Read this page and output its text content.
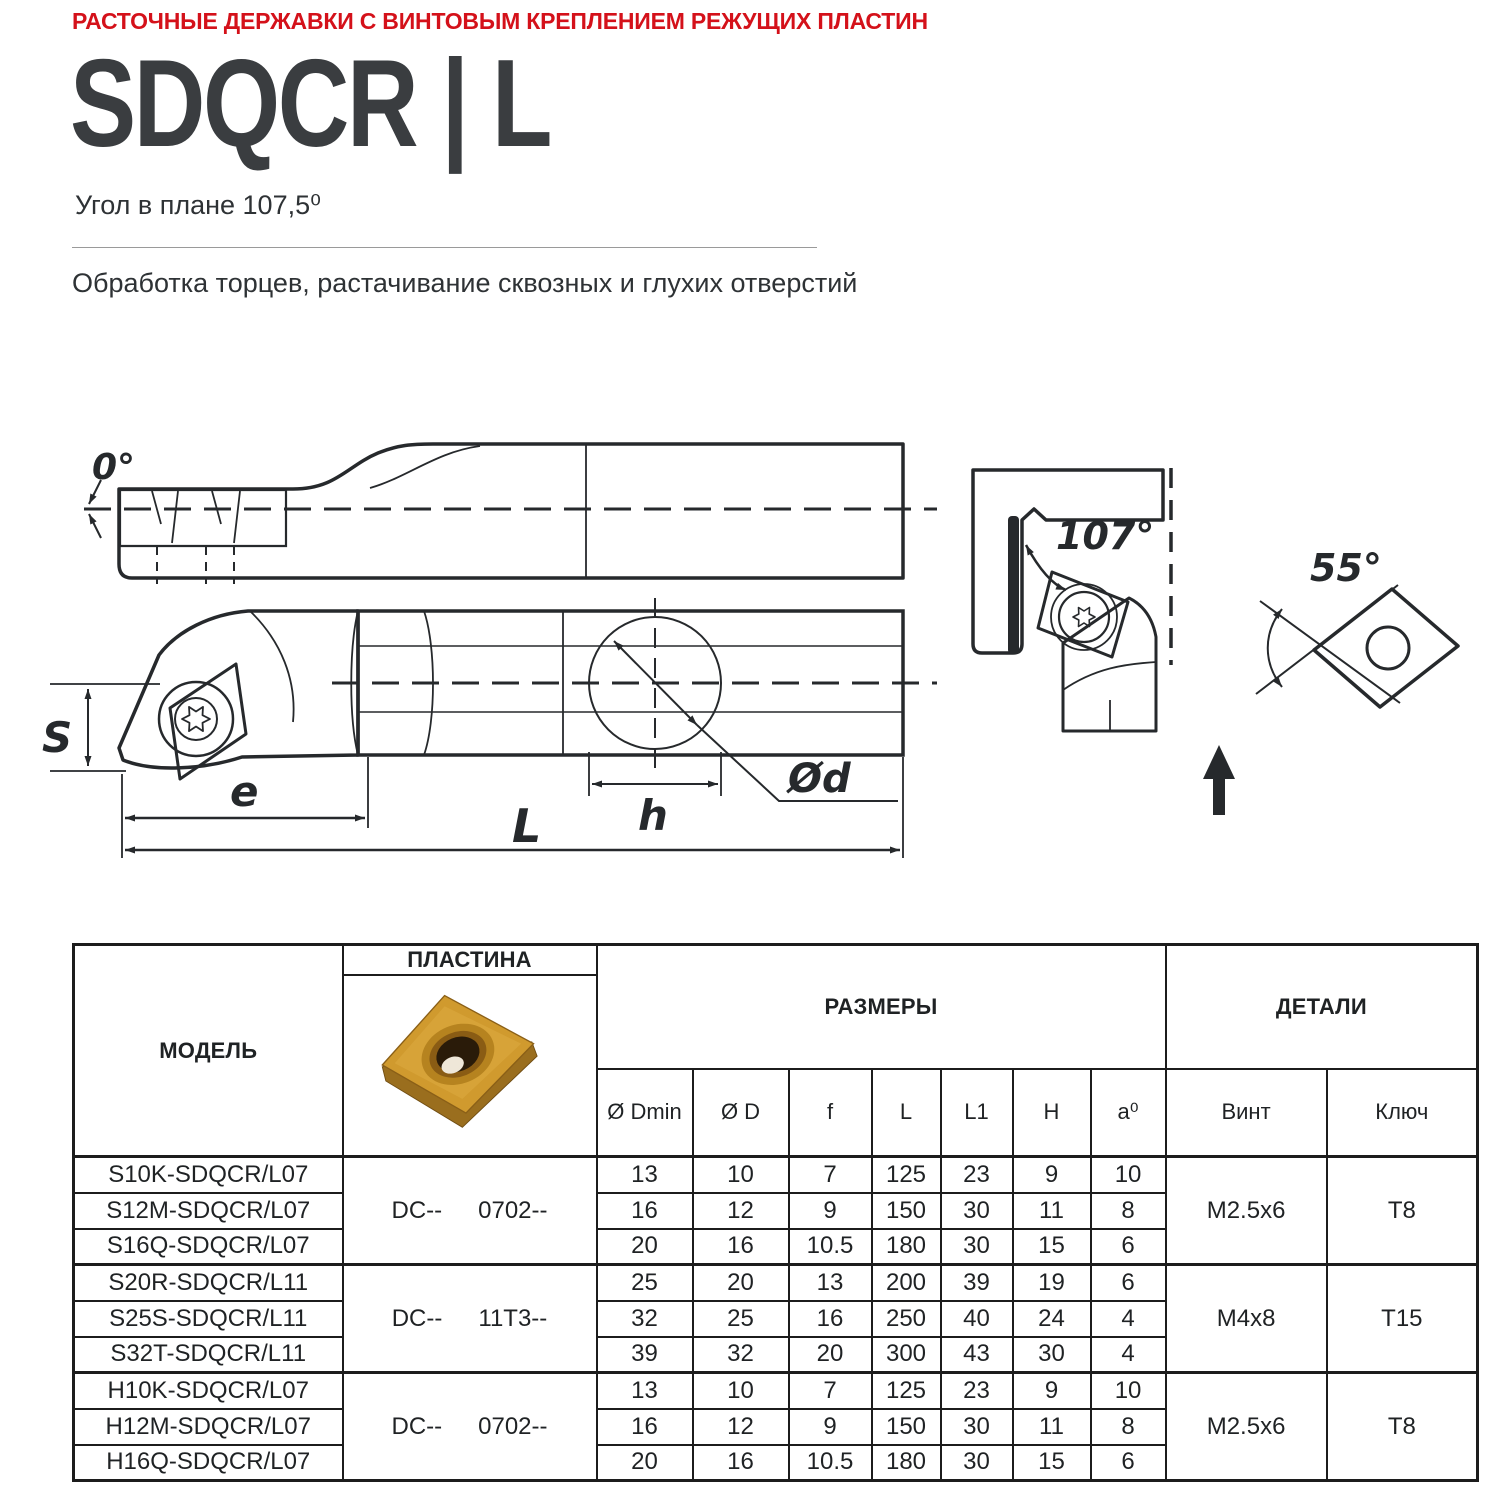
РАСТОЧНЫЕ ДЕРЖАВКИ С ВИНТОВЫМ КРЕПЛЕНИЕМ РЕЖУЩИХ ПЛАСТИН
SDQCR | L
Угол в плане 107,5⁰
Обработка торцев, растачивание сквозных и глухих отверстий
0°
S
Ød
h
e
L
107°
55°
МОДЕЛЬ	ПЛАСТИНА	РАЗМЕРЫ							ДЕТАЛИ	

		Ø Dmin	Ø D	f	L	L1	H	a⁰	Винт	Ключ
S10K-SDQCR/L07	DC-- 0702--	13	10	7	125	23	9	10	M2.5x6	T8
S12M-SDQCR/L07		16	12	9	150	30	11	8		
S16Q-SDQCR/L07		20	16	10.5	180	30	15	6		
S20R-SDQCR/L11	DC-- 11T3--	25	20	13	200	39	19	6	M4x8	T15
S25S-SDQCR/L11		32	25	16	250	40	24	4		
S32T-SDQCR/L11		39	32	20	300	43	30	4		
H10K-SDQCR/L07	DC-- 0702--	13	10	7	125	23	9	10	M2.5x6	T8
H12M-SDQCR/L07		16	12	9	150	30	11	8		
H16Q-SDQCR/L07		20	16	10.5	180	30	15	6		
